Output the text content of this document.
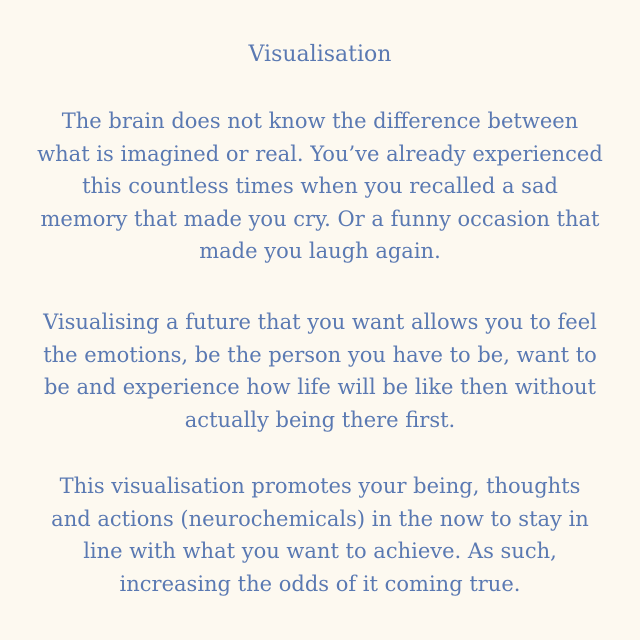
Visualisation

The brain does not know the difference between
what is imagined or real. You’ve already experienced
this countless times when you recalled a sad
memory that made you cry. Or a funny occasion that
made you laugh again.

Visualising a future that you want allows you to feel
the emotions, be the person you have to be, want to
be and experience how life will be like then without
actually being there first.

This visualisation promotes your being, thoughts
and actions (neurochemicals) in the now to stay in
line with what you want to achieve. As such,
increasing the odds of it coming true.
